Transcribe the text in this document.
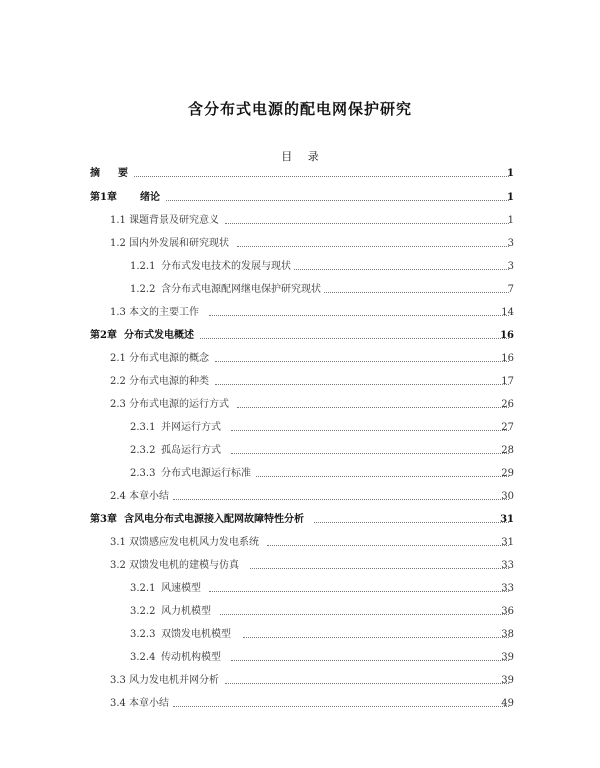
含分布式电源的配电网保护研究
目 录
摘 要	1
第1章 绪论	1
1.1 课题背景及研究意义	1
1.2 国内外发展和研究现状	3
1.2.1 分布式发电技术的发展与现状	3
1.2.2 含分布式电源配网继电保护研究现状	7
1.3 本文的主要工作	14
第2章 分布式发电概述	16
2.1 分布式电源的概念	16
2.2 分布式电源的种类	17
2.3 分布式电源的运行方式	26
2.3.1 并网运行方式	27
2.3.2 孤岛运行方式	28
2.3.3 分布式电源运行标准	29
2.4 本章小结	30
第3章 含风电分布式电源接入配网故障特性分析	31
3.1 双馈感应发电机风力发电系统	31
3.2 双馈发电机的建模与仿真	33
3.2.1 风速模型	33
3.2.2 风力机模型	36
3.2.3 双馈发电机模型	38
3.2.4 传动机构模型	39
3.3 风力发电机并网分析	39
3.4 本章小结	49
